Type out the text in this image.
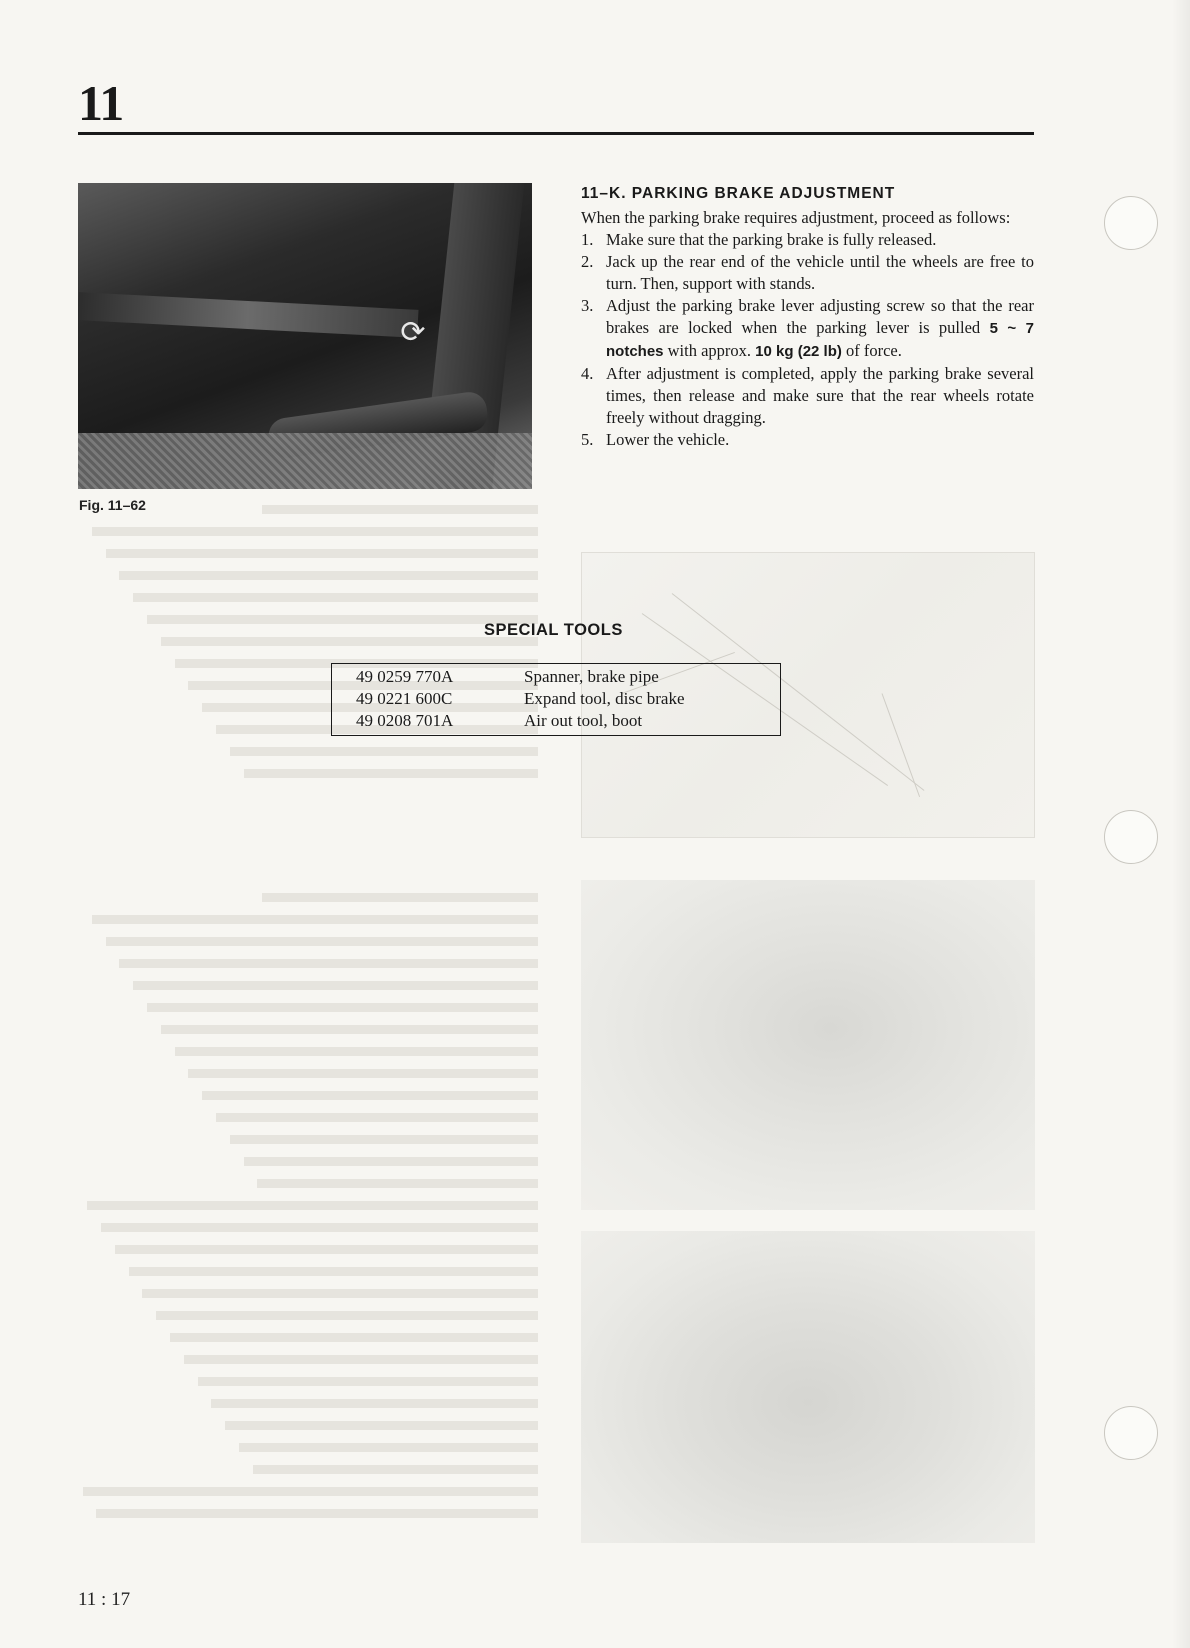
11
⟳
Fig. 11–62
11–K. PARKING BRAKE ADJUSTMENT

When the parking brake requires adjustment, proceed as follows:

1. Make sure that the parking brake is fully released.
2. Jack up the rear end of the vehicle until the wheels are free to turn. Then, support with stands.
3. Adjust the parking brake lever adjusting screw so that the rear brakes are locked when the parking lever is pulled 5 ~ 7 notches with approx. 10 kg (22 lb) of force.
4. After adjustment is completed, apply the parking brake several times, then release and make sure that the rear wheels rotate freely without dragging.
5. Lower the vehicle.
SPECIAL TOOLS
49 0259 770A	Spanner, brake pipe
49 0221 600C	Expand tool, disc brake
49 0208 701A	Air out tool, boot
11 : 17
